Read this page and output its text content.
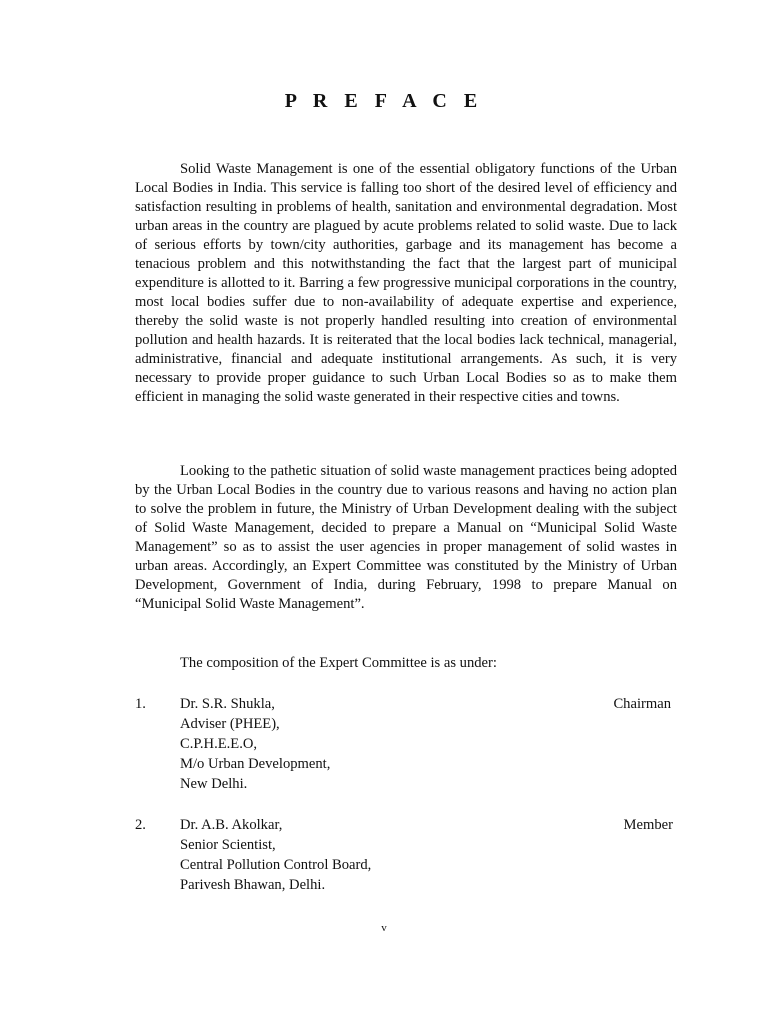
P R E F A C E

Solid Waste Management is one of the essential obligatory functions of the Urban Local Bodies in India. This service is falling too short of the desired level of efficiency and satisfaction resulting in problems of health, sanitation and environmental degradation. Most urban areas in the country are plagued by acute problems related to solid waste. Due to lack of serious efforts by town/city authorities, garbage and its management has become a tenacious problem and this notwithstanding the fact that the largest part of municipal expenditure is allotted to it. Barring a few progressive municipal corporations in the country, most local bodies suffer due to non-availability of adequate expertise and experience, thereby the solid waste is not properly handled resulting into creation of environmental pollution and health hazards. It is reiterated that the local bodies lack technical, managerial, administrative, financial and adequate institutional arrangements. As such, it is very necessary to provide proper guidance to such Urban Local Bodies so as to make them efficient in managing the solid waste generated in their respective cities and towns.

Looking to the pathetic situation of solid waste management practices being adopted by the Urban Local Bodies in the country due to various reasons and having no action plan to solve the problem in future, the Ministry of Urban Development dealing with the subject of Solid Waste Management, decided to prepare a Manual on “Municipal Solid Waste Management” so as to assist the user agencies in proper management of solid wastes in urban areas. Accordingly, an Expert Committee was constituted by the Ministry of Urban Development, Government of India, during February, 1998 to prepare Manual on “Municipal Solid Waste Management”.

The composition of the Expert Committee is as under:

1. Dr. S.R. Shukla,
Adviser (PHEE),
C.P.H.E.E.O,
M/o Urban Development,
New Delhi.
Chairman
2. Dr. A.B. Akolkar,
Senior Scientist,
Central Pollution Control Board,
Parivesh Bhawan, Delhi.
Member
v
